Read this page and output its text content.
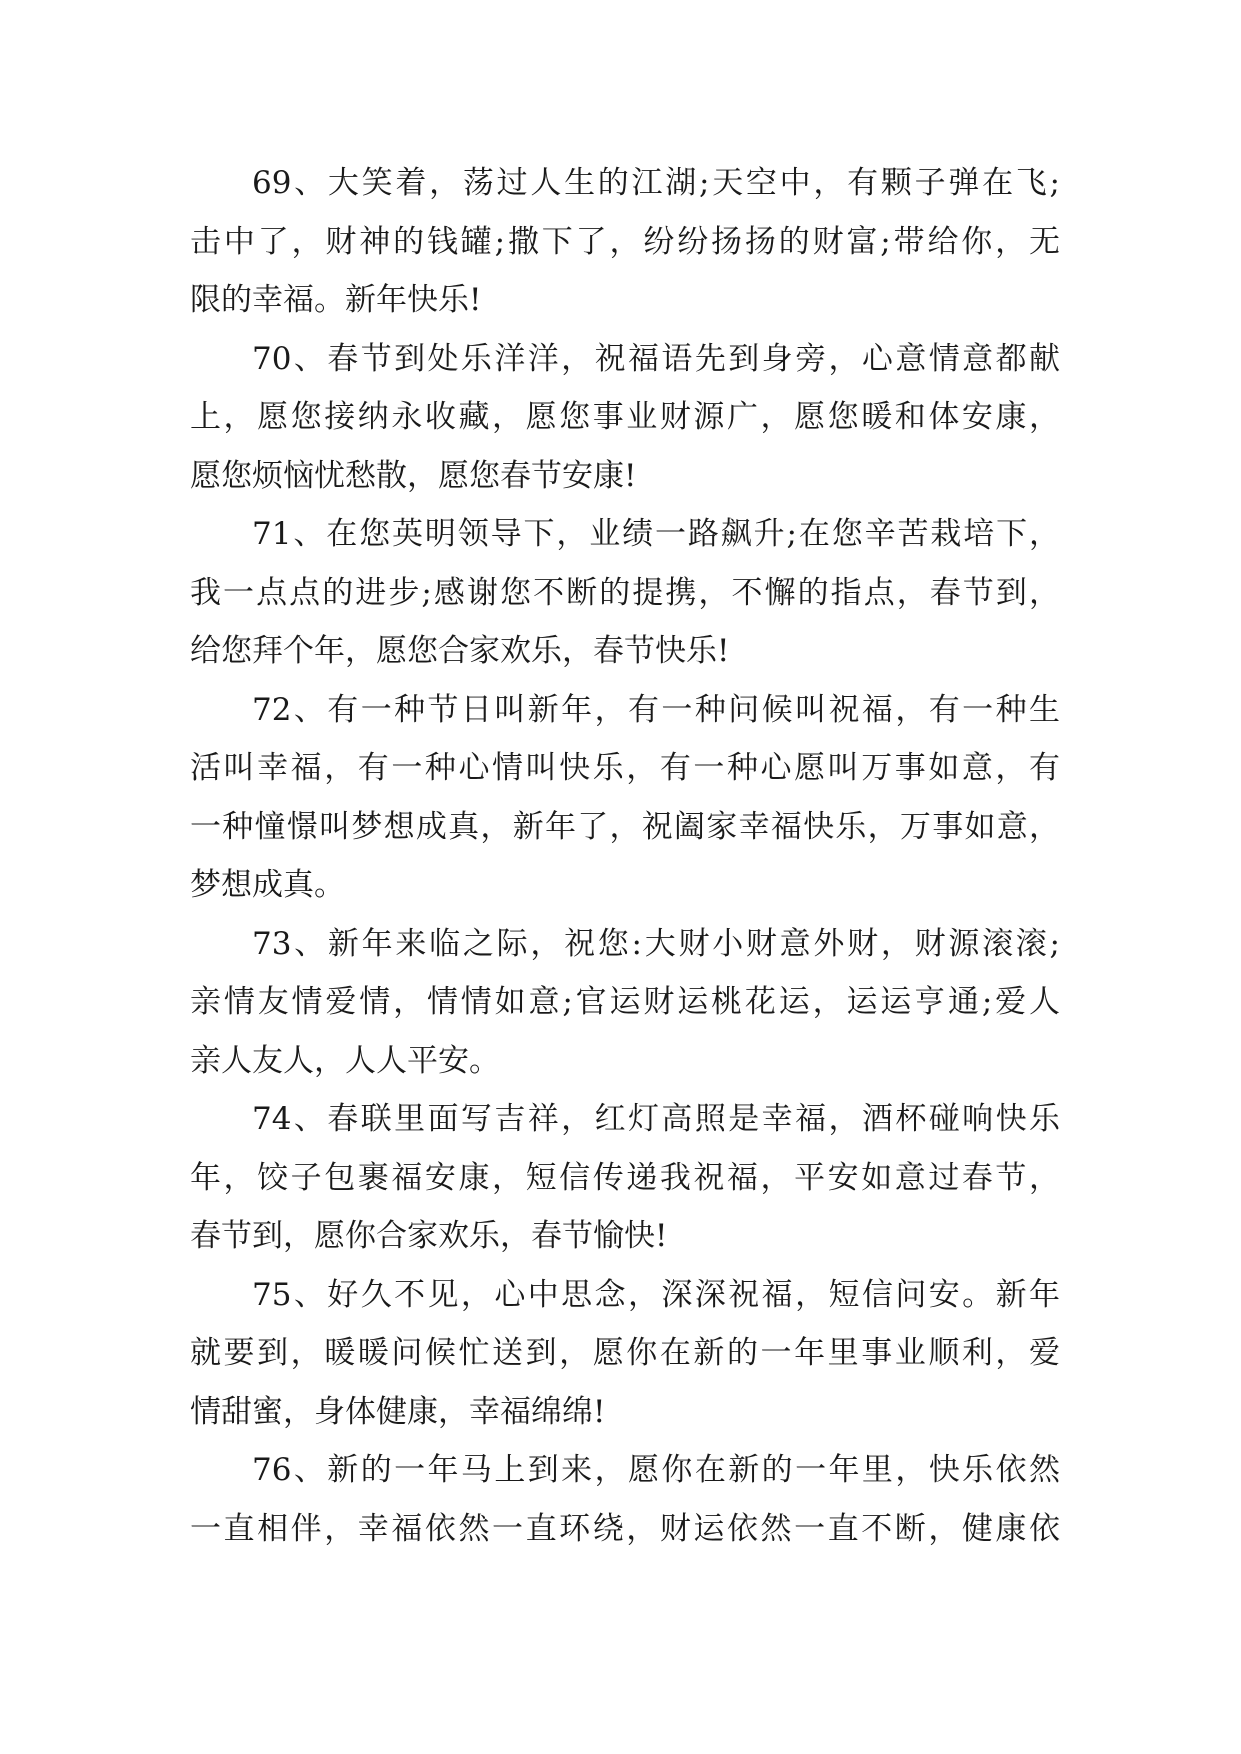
69、大笑着，荡过人生的江湖;天空中，有颗子弹在飞;
击中了，财神的钱罐;撒下了，纷纷扬扬的财富;带给你，无
限的幸福。新年快乐!
70、春节到处乐洋洋，祝福语先到身旁，心意情意都献
上，愿您接纳永收藏，愿您事业财源广，愿您暖和体安康，
愿您烦恼忧愁散，愿您春节安康!
71、在您英明领导下，业绩一路飙升;在您辛苦栽培下，
我一点点的进步;感谢您不断的提携，不懈的指点，春节到，
给您拜个年，愿您合家欢乐，春节快乐!
72、有一种节日叫新年，有一种问候叫祝福，有一种生
活叫幸福，有一种心情叫快乐，有一种心愿叫万事如意，有
一种憧憬叫梦想成真，新年了，祝阖家幸福快乐，万事如意，
梦想成真。
73、新年来临之际，祝您:大财小财意外财，财源滚滚;
亲情友情爱情，情情如意;官运财运桃花运，运运亨通;爱人
亲人友人，人人平安。
74、春联里面写吉祥，红灯高照是幸福，酒杯碰响快乐
年，饺子包裹福安康，短信传递我祝福，平安如意过春节，
春节到，愿你合家欢乐，春节愉快!
75、好久不见，心中思念，深深祝福，短信问安。新年
就要到，暖暖问候忙送到，愿你在新的一年里事业顺利，爱
情甜蜜，身体健康，幸福绵绵!
76、新的一年马上到来，愿你在新的一年里，快乐依然
一直相伴，幸福依然一直环绕，财运依然一直不断，健康依
